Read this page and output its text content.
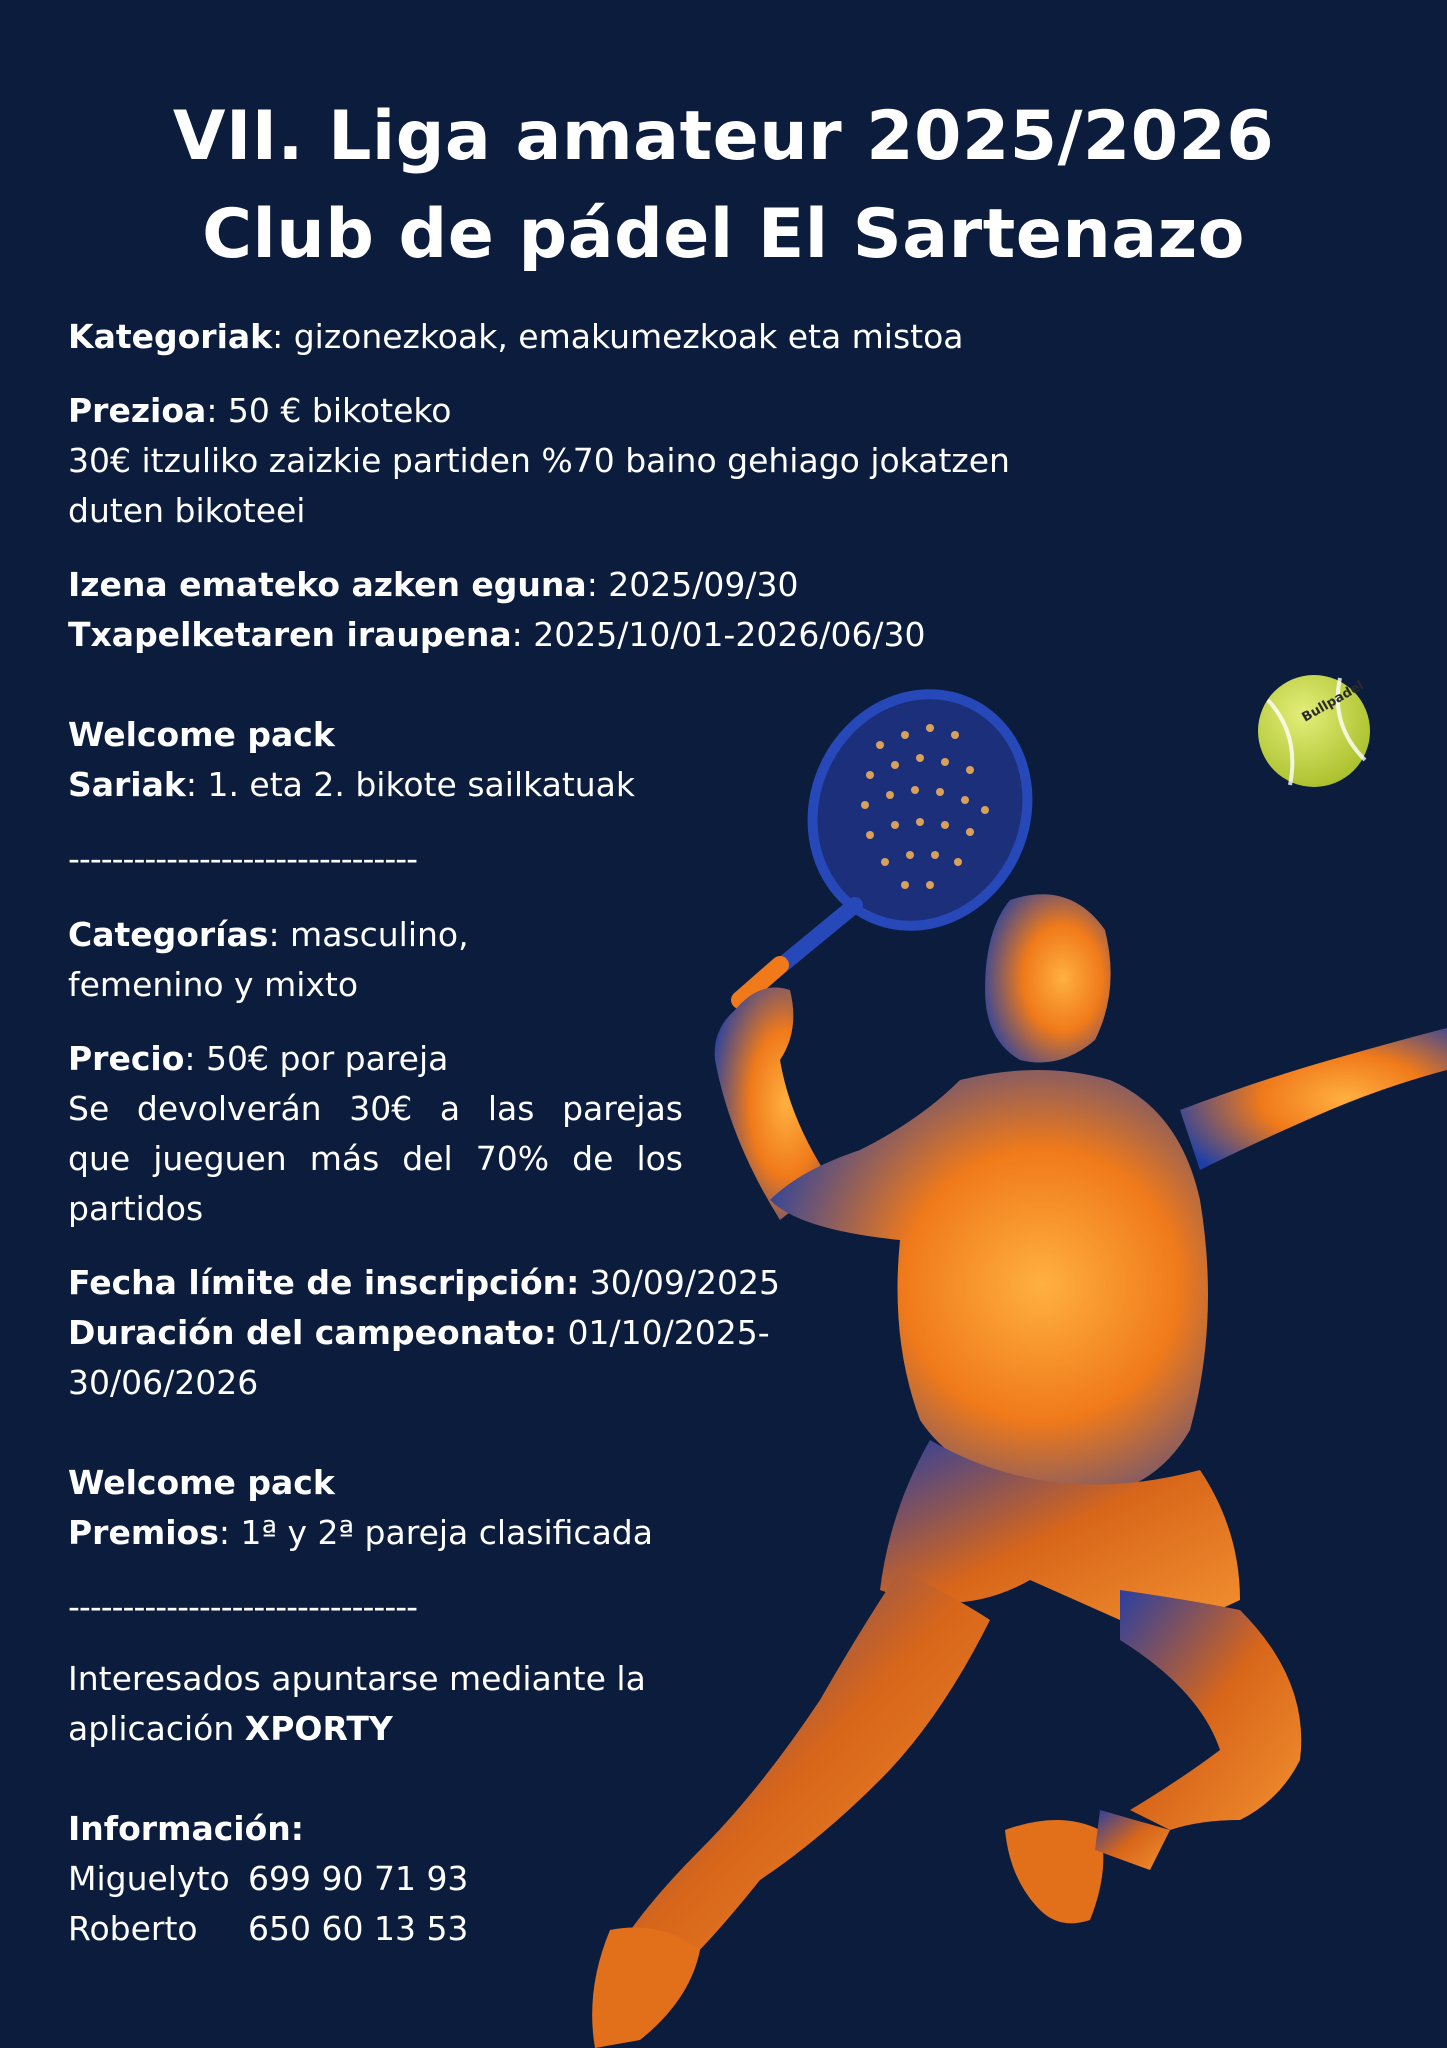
Bullpadel
VII. Liga amateur 2025/2026
Club de pádel El Sartenazo
Kategoriak: gizonezkoak, emakumezkoak eta mistoa
Prezioa: 50 € bikoteko
30€ itzuliko zaizkie partiden %70 baino gehiago jokatzen
duten bikoteei
Izena emateko azken eguna: 2025/09/30
Txapelketaren iraupena: 2025/10/01-2026/06/30
Welcome pack
Sariak: 1. eta 2. bikote sailkatuak
--------------------------------
Categorías: masculino,
femenino y mixto
Precio: 50€ por pareja
Se devolverán 30€ a las parejas
que jueguen más del 70% de los
partidos
Fecha límite de inscripción: 30/09/2025
Duración del campeonato: 01/10/2025-
30/06/2026
Welcome pack
Premios: 1ª y 2ª pareja clasificada
--------------------------------
Interesados apuntarse mediante la
aplicación XPORTY
Información:
Miguelyto 699 90 71 93
Roberto 650 60 13 53
